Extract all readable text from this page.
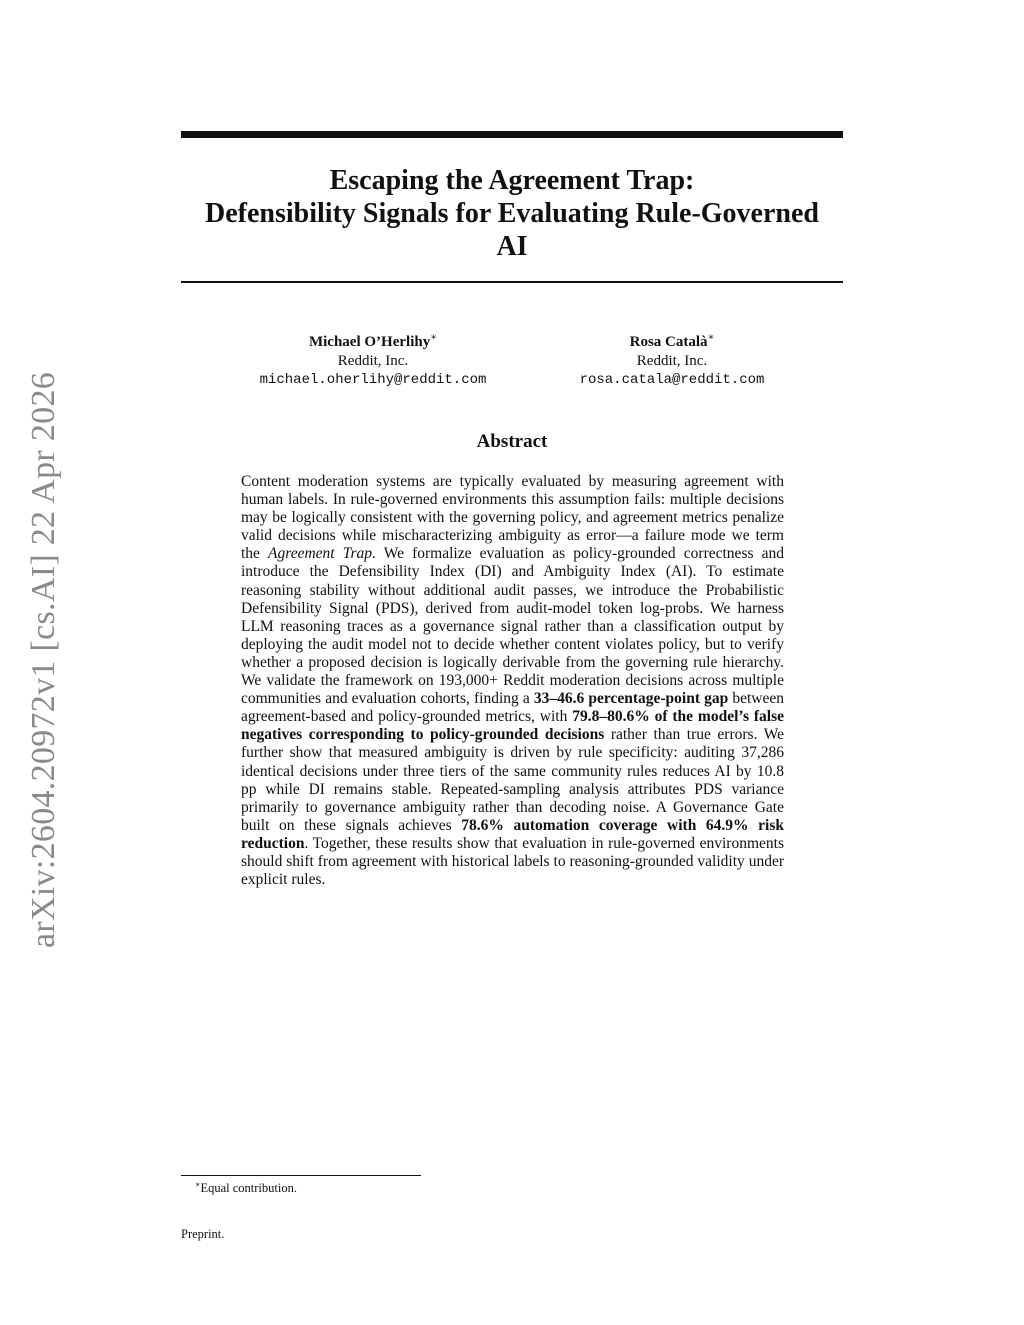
Escaping the Agreement Trap:
Defensibility Signals for Evaluating Rule-Governed
AI
Michael O’Herlihy∗
Reddit, Inc.
michael.oherlihy@reddit.com
Rosa Català∗
Reddit, Inc.
rosa.catala@reddit.com
Abstract
Content moderation systems are typically evaluated by measuring agreement with human labels. In rule-governed environments this assumption fails: multiple decisions may be logically consistent with the governing policy, and agreement metrics penalize valid decisions while mischaracterizing ambiguity as error—a failure mode we term the Agreement Trap. We formalize evaluation as policy-grounded correctness and introduce the Defensibility Index (DI) and Ambiguity Index (AI). To estimate reasoning stability without additional audit passes, we introduce the Probabilistic Defensibility Signal (PDS), derived from audit-model token log-probs. We harness LLM reasoning traces as a governance signal rather than a classification output by deploying the audit model not to decide whether content violates policy, but to verify whether a proposed decision is logically derivable from the governing rule hierarchy. We validate the framework on 193,000+ Reddit moderation decisions across multiple communities and evaluation cohorts, finding a 33–46.6 percentage-point gap between agreement-based and policy-grounded metrics, with 79.8–80.6% of the model’s false negatives corresponding to policy-grounded decisions rather than true errors. We further show that measured ambiguity is driven by rule specificity: auditing 37,286 identical decisions under three tiers of the same community rules reduces AI by 10.8 pp while DI remains stable. Repeated-sampling analysis attributes PDS variance primarily to governance ambiguity rather than decoding noise. A Governance Gate built on these signals achieves 78.6% automation coverage with 64.9% risk reduction. Together, these results show that evaluation in rule-governed environments should shift from agreement with historical labels to reasoning-grounded validity under explicit rules.
arXiv:2604.20972v1 [cs.AI] 22 Apr 2026
∗Equal contribution.
Preprint.
